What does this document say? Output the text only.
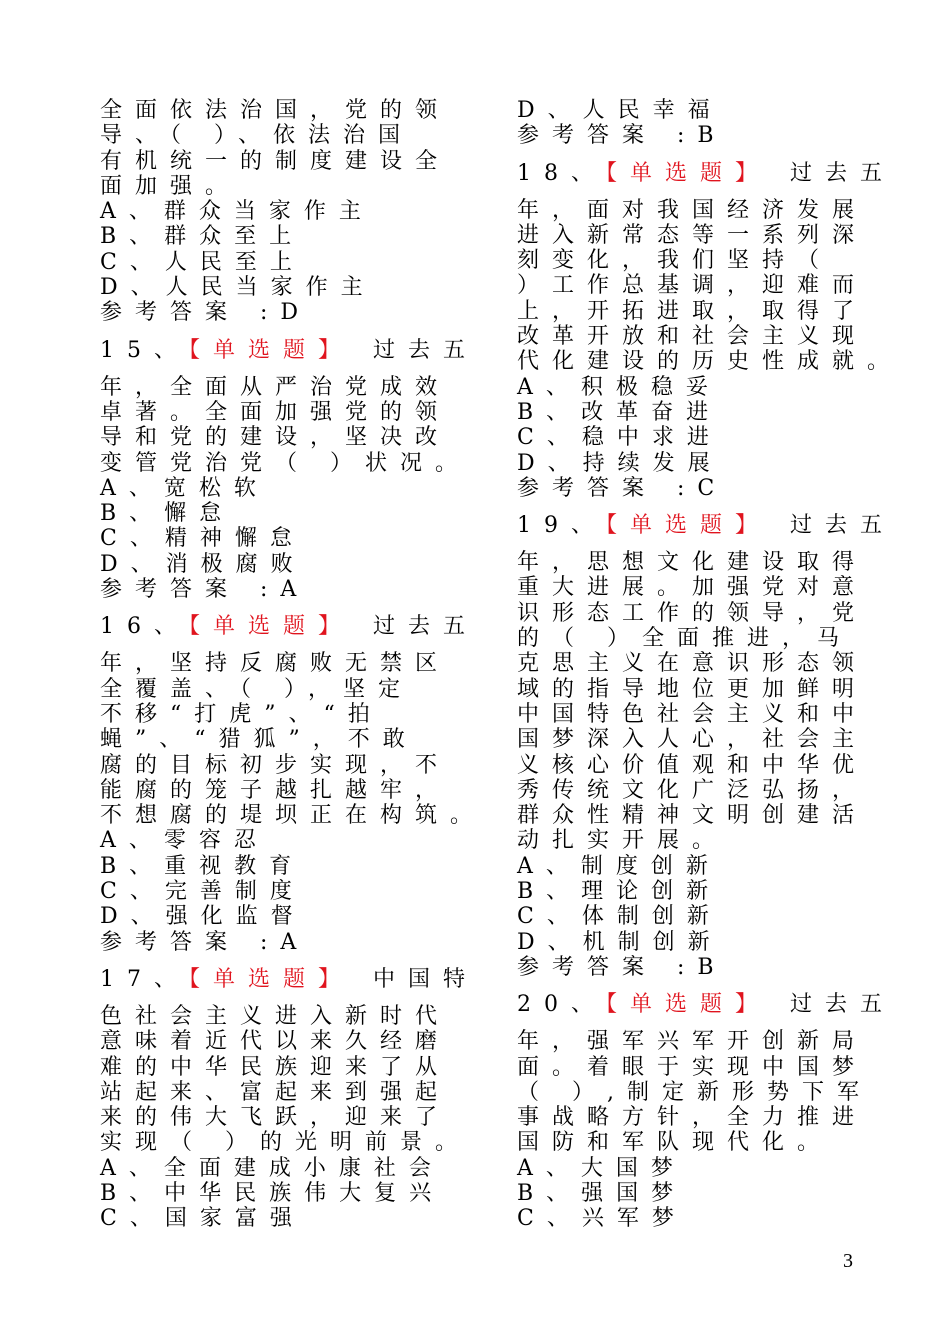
全面依法治国，党的领

导、（ ）、依法治国

有机统一的制度建设全

面加强。

A、群众当家作主

B、群众至上

C、人民至上

D、人民当家作主

参考答案 :D

15、【单选题】 过去五

年，全面从严治党成效

卓著。全面加强党的领

导和党的建设，坚决改

变管党治党（ ）状况。

A、宽松软

B、懈怠

C、精神懈怠

D、消极腐败

参考答案 :A

16、【单选题】 过去五

年，坚持反腐败无禁区

全覆盖、（ ），坚定

不移“打虎”、“拍

蝇”、“猎狐”，不敢

腐的目标初步实现，不

能腐的笼子越扎越牢，

不想腐的堤坝正在构筑。

A、零容忍

B、重视教育

C、完善制度

D、强化监督

参考答案 :A

17、【单选题】 中国特

色社会主义进入新时代

意味着近代以来久经磨

难的中华民族迎来了从

站起来、富起来到强起

来的伟大飞跃，迎来了

实现（ ）的光明前景。

A、全面建成小康社会

B、中华民族伟大复兴

C、国家富强

D、人民幸福

参考答案 :B

18、【单选题】 过去五

年，面对我国经济发展

进入新常态等一系列深

刻变化，我们坚持（

）工作总基调，迎难而

上，开拓进取，取得了

改革开放和社会主义现

代化建设的历史性成就。

A、积极稳妥

B、改革奋进

C、稳中求进

D、持续发展

参考答案 :C

19、【单选题】 过去五

年，思想文化建设取得

重大进展。加强党对意

识形态工作的领导，党

的（ ）全面推进，马

克思主义在意识形态领

域的指导地位更加鲜明

中国特色社会主义和中

国梦深入人心，社会主

义核心价值观和中华优

秀传统文化广泛弘扬，

群众性精神文明创建活

动扎实开展。

A、制度创新

B、理论创新

C、体制创新

D、机制创新

参考答案 :B

20、【单选题】 过去五

年，强军兴军开创新局

面。着眼于实现中国梦

（ ）,制定新形势下军

事战略方针，全力推进

国防和军队现代化。

A、大国梦

B、强国梦

C、兴军梦

3
